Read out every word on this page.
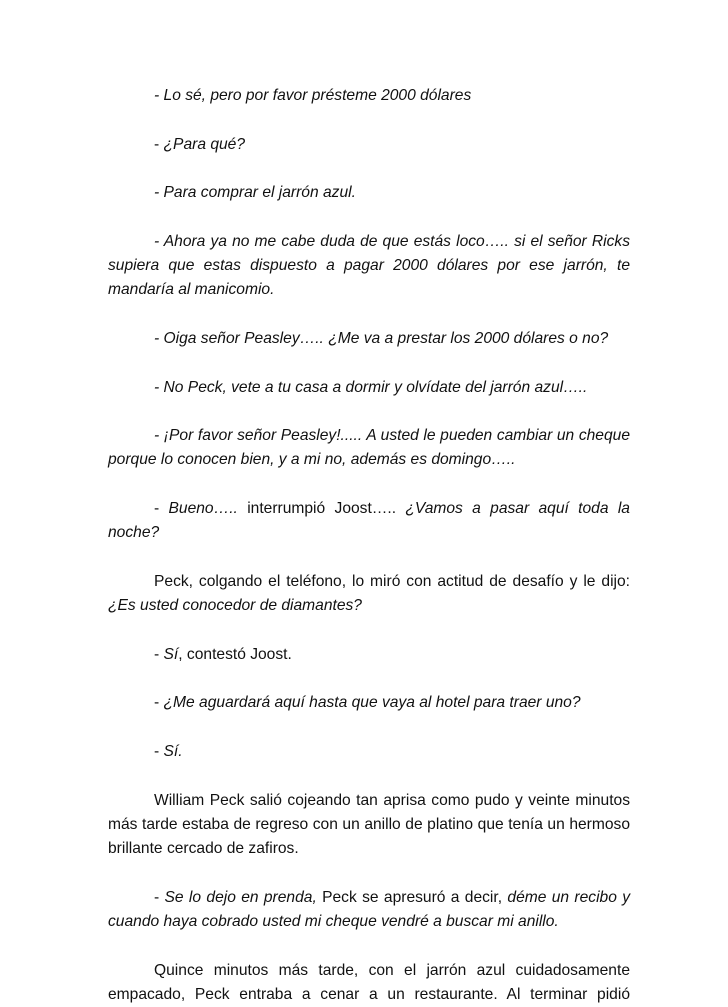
- Lo sé, pero por favor présteme 2000 dólares

- ¿Para qué?

- Para comprar el jarrón azul.

- Ahora ya no me cabe duda de que estás loco….. si el señor Ricks supiera que estas dispuesto a pagar 2000 dólares por ese jarrón, te mandaría al manicomio.

- Oiga señor Peasley….. ¿Me va a prestar los 2000 dólares o no?

- No Peck, vete a tu casa a dormir y olvídate del jarrón azul…..

- ¡Por favor señor Peasley!..... A usted le pueden cambiar un cheque porque lo conocen bien, y a mi no, además es domingo…..

- Bueno….. interrumpió Joost….. ¿Vamos a pasar aquí toda la noche?

Peck, colgando el teléfono, lo miró con actitud de desafío y le dijo: ¿Es usted conocedor de diamantes?

- Sí, contestó Joost.

- ¿Me aguardará aquí hasta que vaya al hotel para traer uno?

- Sí.

William Peck salió cojeando tan aprisa como pudo y veinte minutos más tarde estaba de regreso con un anillo de platino que tenía un hermoso brillante cercado de zafiros.

- Se lo dejo en prenda, Peck se apresuró a decir, déme un recibo y cuando haya cobrado usted mi cheque vendré a buscar mi anillo.

Quince minutos más tarde, con el jarrón azul cuidadosamente empacado, Peck entraba a cenar a un restaurante. Al terminar pidió
